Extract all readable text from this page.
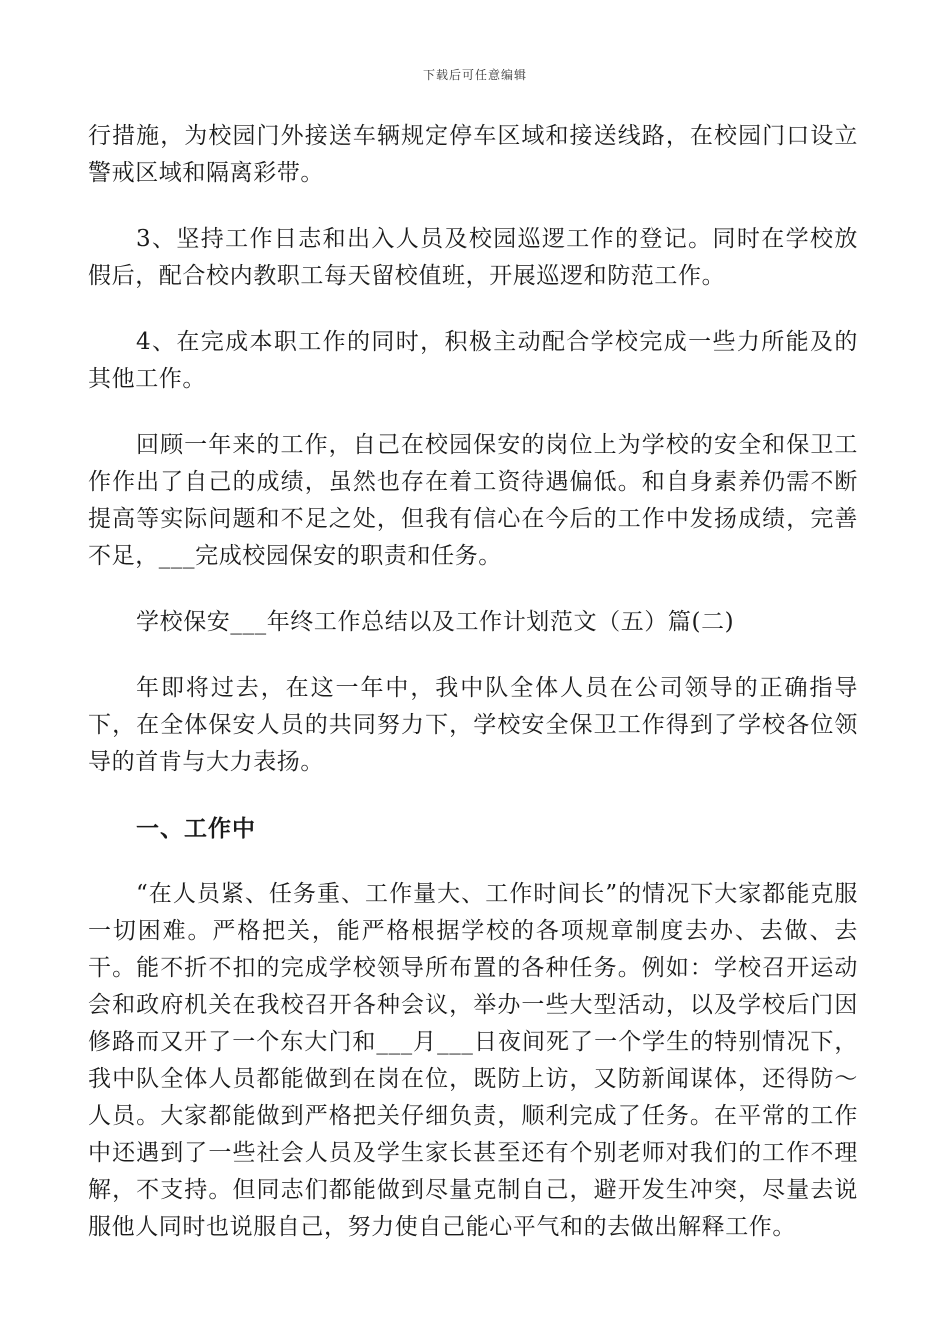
下载后可任意编辑

行措施，为校园门外接送车辆规定停车区域和接送线路，在校园门口设立警戒区域和隔离彩带。

3、坚持工作日志和出入人员及校园巡逻工作的登记。同时在学校放假后，配合校内教职工每天留校值班，开展巡逻和防范工作。

4、在完成本职工作的同时，积极主动配合学校完成一些力所能及的其他工作。

回顾一年来的工作，自己在校园保安的岗位上为学校的安全和保卫工作作出了自己的成绩，虽然也存在着工资待遇偏低。和自身素养仍需不断提高等实际问题和不足之处，但我有信心在今后的工作中发扬成绩，完善不足，___完成校园保安的职责和任务。

学校保安___年终工作总结以及工作计划范文（五）篇(二)

年即将过去，在这一年中，我中队全体人员在公司领导的正确指导下，在全体保安人员的共同努力下，学校安全保卫工作得到了学校各位领导的首肯与大力表扬。

一、工作中

“在人员紧、任务重、工作量大、工作时间长”的情况下大家都能克服一切困难。严格把关，能严格根据学校的各项规章制度去办、去做、去干。能不折不扣的完成学校领导所布置的各种任务。例如：学校召开运动会和政府机关在我校召开各种会议，举办一些大型活动，以及学校后门因修路而又开了一个东大门和___月___日夜间死了一个学生的特别情况下，我中队全体人员都能做到在岗在位，既防上访，又防新闻谋体，还得防～人员。大家都能做到严格把关仔细负责，顺利完成了任务。在平常的工作中还遇到了一些社会人员及学生家长甚至还有个别老师对我们的工作不理解，不支持。但同志们都能做到尽量克制自己，避开发生冲突，尽量去说服他人同时也说服自己，努力使自己能心平气和的去做出解释工作。
